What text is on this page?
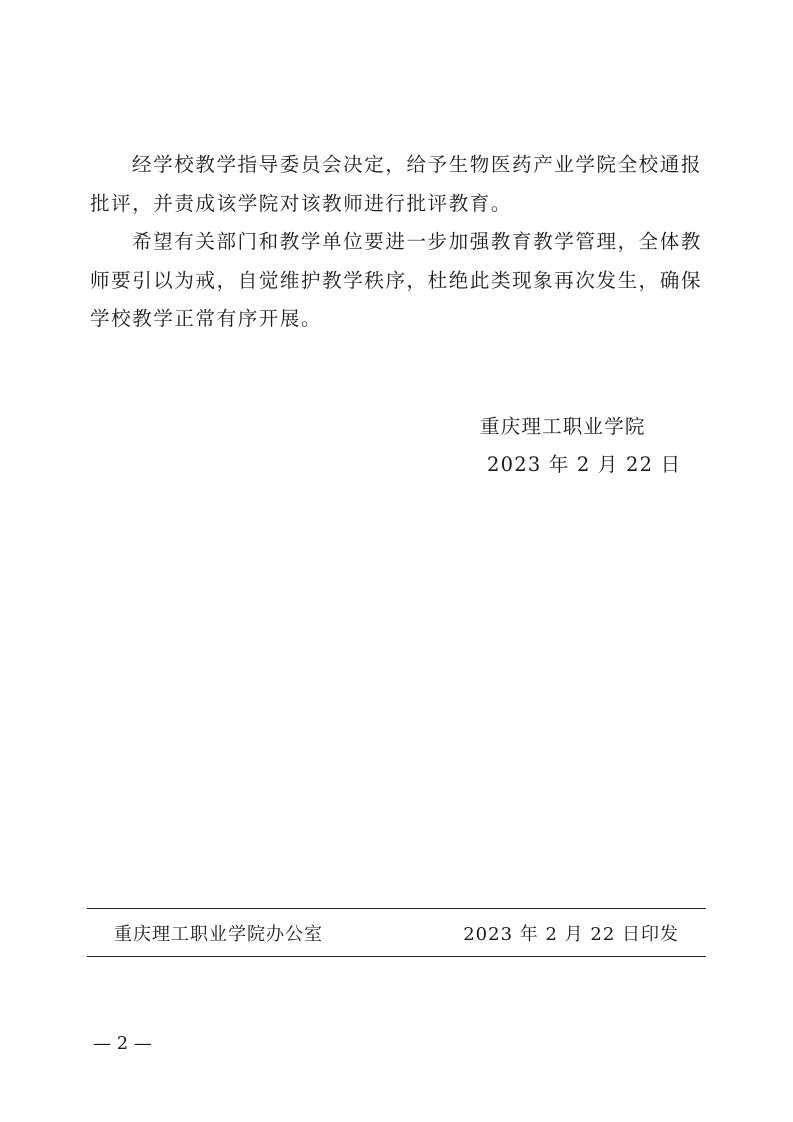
经学校教学指导委员会决定，给予生物医药产业学院全校通报批评，并责成该学院对该教师进行批评教育。

希望有关部门和教学单位要进一步加强教育教学管理，全体教师要引以为戒，自觉维护教学秩序，杜绝此类现象再次发生，确保学校教学正常有序开展。

重庆理工职业学院
2023 年 2 月 22 日
重庆理工职业学院办公室	2023 年 2 月 22 日印发
— 2 —
